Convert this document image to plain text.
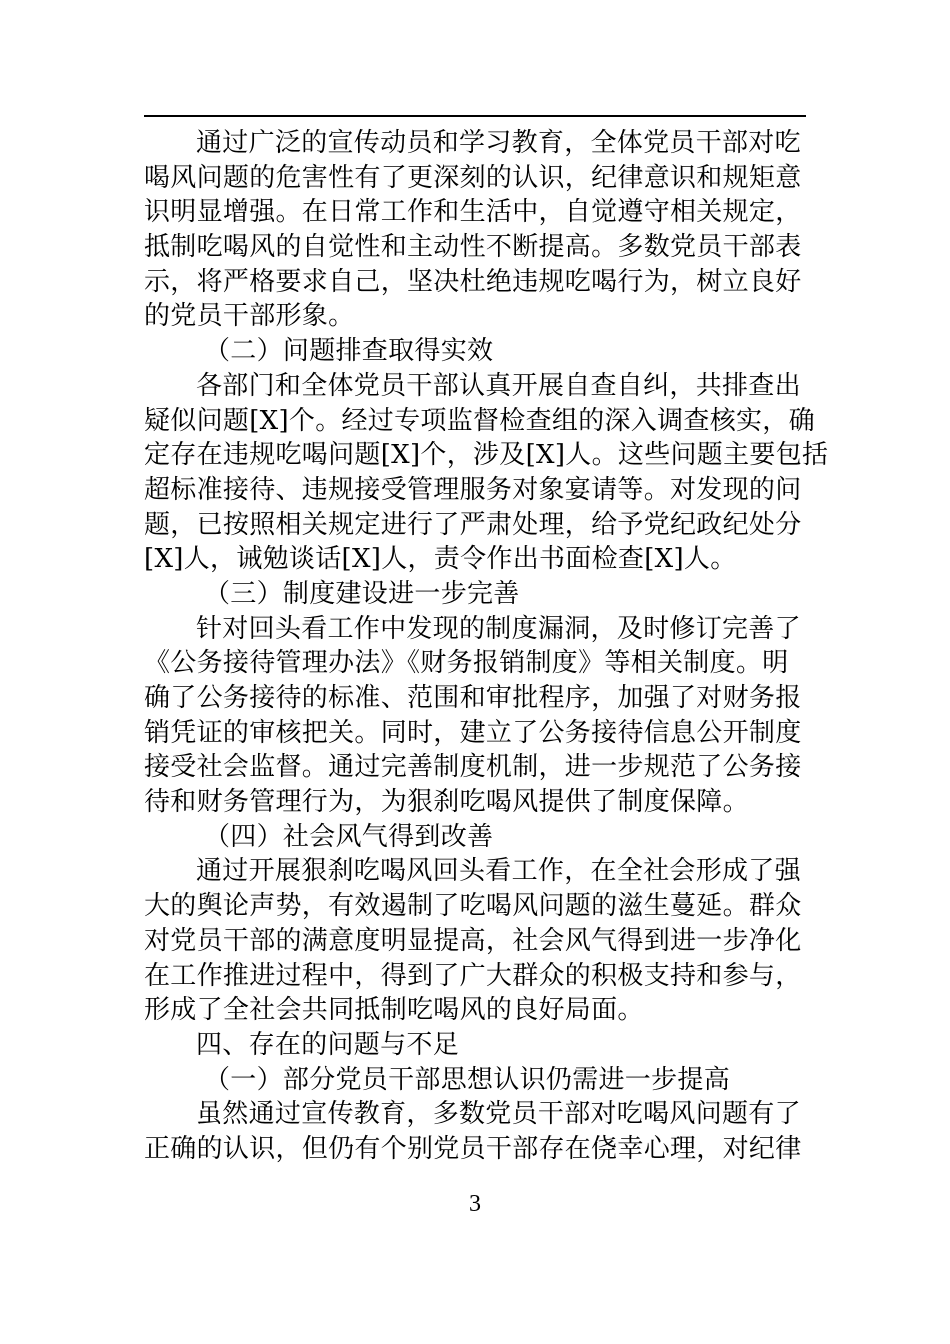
通过广泛的宣传动员和学习教育，全体党员干部对吃
喝风问题的危害性有了更深刻的认识，纪律意识和规矩意
识明显增强。在日常工作和生活中，自觉遵守相关规定，
抵制吃喝风的自觉性和主动性不断提高。多数党员干部表
示，将严格要求自己，坚决杜绝违规吃喝行为，树立良好
的党员干部形象。
（二）问题排查取得实效
各部门和全体党员干部认真开展自查自纠，共排查出
疑似问题[X]个。经过专项监督检查组的深入调查核实，确
定存在违规吃喝问题[X]个，涉及[X]人。这些问题主要包括
超标准接待、违规接受管理服务对象宴请等。对发现的问
题，已按照相关规定进行了严肃处理，给予党纪政纪处分
[X]人，诫勉谈话[X]人，责令作出书面检查[X]人。
（三）制度建设进一步完善
针对回头看工作中发现的制度漏洞，及时修订完善了
《公务接待管理办法》《财务报销制度》等相关制度。明
确了公务接待的标准、范围和审批程序，加强了对财务报
销凭证的审核把关。同时，建立了公务接待信息公开制度
接受社会监督。通过完善制度机制，进一步规范了公务接
待和财务管理行为，为狠刹吃喝风提供了制度保障。
（四）社会风气得到改善
通过开展狠刹吃喝风回头看工作，在全社会形成了强
大的舆论声势，有效遏制了吃喝风问题的滋生蔓延。群众
对党员干部的满意度明显提高，社会风气得到进一步净化
在工作推进过程中，得到了广大群众的积极支持和参与，
形成了全社会共同抵制吃喝风的良好局面。
四、存在的问题与不足
（一）部分党员干部思想认识仍需进一步提高
虽然通过宣传教育，多数党员干部对吃喝风问题有了
正确的认识，但仍有个别党员干部存在侥幸心理，对纪律
3
